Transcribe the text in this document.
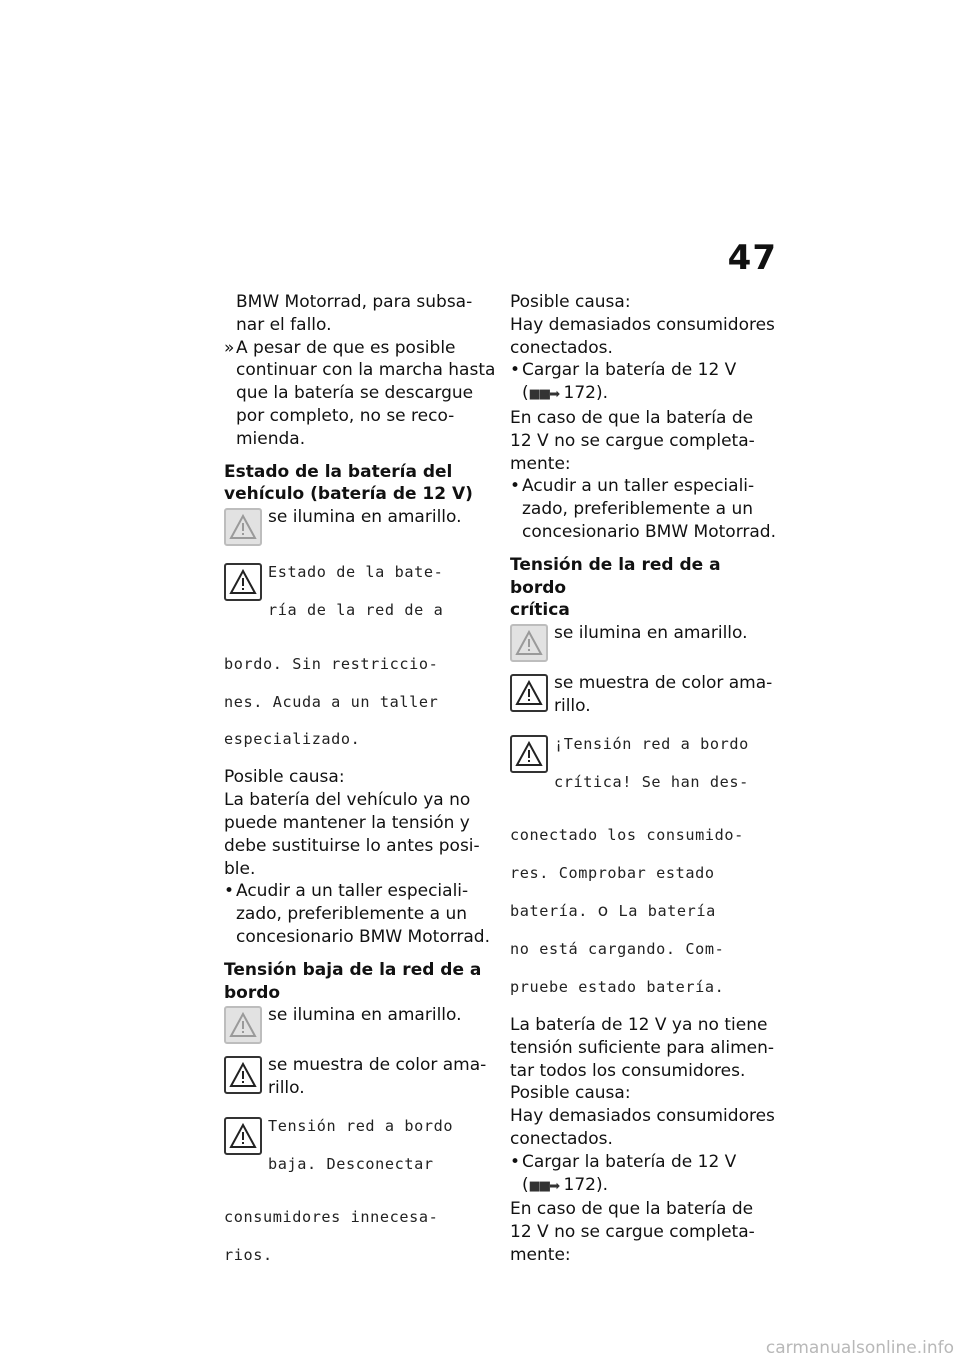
47

BMW Motorrad, para subsa-

nar el fallo.

» A pesar de que es posible

continuar con la marcha hasta

que la batería se descargue

por completo, no se reco-

mienda.

Estado de la batería del

vehículo (batería de 12 V)

se ilumina en amarillo.

Estado de la bate-

ría de la red de a

bordo. Sin restriccio-

nes. Acuda a un taller

especializado.

Posible causa:

La batería del vehículo ya no

puede mantener la tensión y

debe sustituirse lo antes posi-

ble.

• Acudir a un taller especiali-

zado, preferiblemente a un

concesionario BMW Motorrad.

Tensión baja de la red de a

bordo

se ilumina en amarillo.

se muestra de color ama-

rillo.

Tensión red a bordo

baja. Desconectar

consumidores innecesa-

rios.

Posible causa:

Hay demasiados consumidores

conectados.

• Cargar la batería de 12 V

(■■➡ 172).

En caso de que la batería de

12 V no se cargue completa-

mente:

• Acudir a un taller especiali-

zado, preferiblemente a un

concesionario BMW Motorrad.

Tensión de la red de a bordo

crítica

se ilumina en amarillo.

se muestra de color ama-

rillo.

¡Tensión red a bordo

crítica! Se han des-

conectado los consumido-

res. Comprobar estado

batería. o La batería

no está cargando. Com-

pruebe estado batería.

La batería de 12 V ya no tiene

tensión suficiente para alimen-

tar todos los consumidores.

Posible causa:

Hay demasiados consumidores

conectados.

• Cargar la batería de 12 V

(■■➡ 172).

En caso de que la batería de

12 V no se cargue completa-

mente:

carmanualsonline.info
